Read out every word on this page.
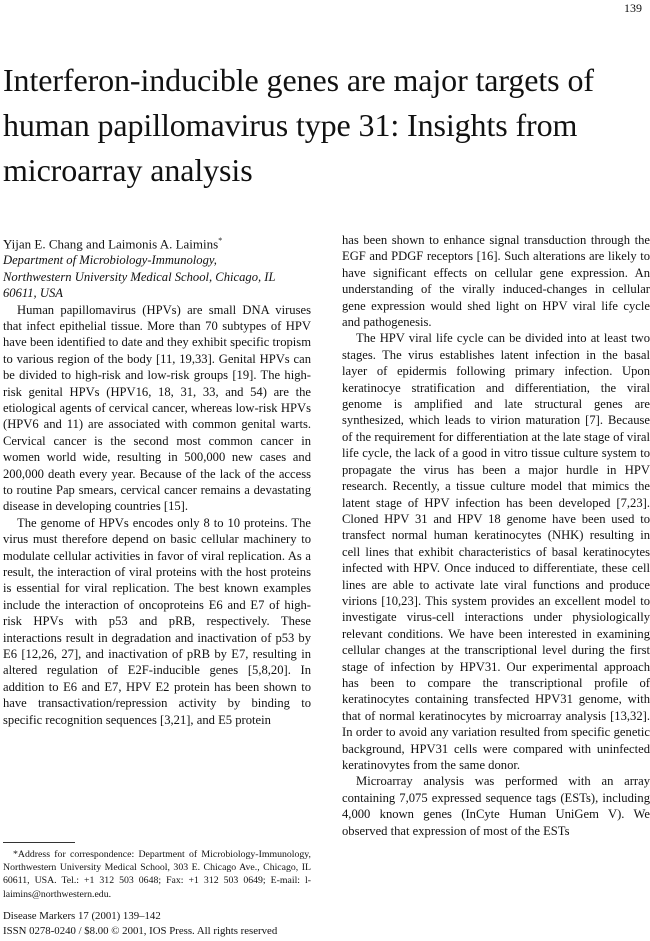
139
Interferon-inducible genes are major targets of human papillomavirus type 31: Insights from microarray analysis

Yijan E. Chang and Laimonis A. Laimins*

Department of Microbiology-Immunology,

Northwestern University Medical School, Chicago, IL

60611, USA

Human papillomavirus (HPVs) are small DNA viruses that infect epithelial tissue. More than 70 subtypes of HPV have been identified to date and they exhibit specific tropism to various region of the body [11, 19,33]. Genital HPVs can be divided to high-risk and low-risk groups [19]. The high-risk genital HPVs (HPV16, 18, 31, 33, and 54) are the etiological agents of cervical cancer, whereas low-risk HPVs (HPV6 and 11) are associated with common genital warts. Cervical cancer is the second most common cancer in women world wide, resulting in 500,000 new cases and 200,000 death every year. Because of the lack of the access to routine Pap smears, cervical cancer remains a devastating disease in developing countries [15].

The genome of HPVs encodes only 8 to 10 proteins. The virus must therefore depend on basic cellular machinery to modulate cellular activities in favor of viral replication. As a result, the interaction of viral proteins with the host proteins is essential for viral replication. The best known examples include the interaction of oncoproteins E6 and E7 of high-risk HPVs with p53 and pRB, respectively. These interactions result in degradation and inactivation of p53 by E6 [12,26, 27], and inactivation of pRB by E7, resulting in altered regulation of E2F-inducible genes [5,8,20]. In addition to E6 and E7, HPV E2 protein has been shown to have transactivation/repression activity by binding to specific recognition sequences [3,21], and E5 protein

has been shown to enhance signal transduction through the EGF and PDGF receptors [16]. Such alterations are likely to have significant effects on cellular gene expression. An understanding of the virally induced-changes in cellular gene expression would shed light on HPV viral life cycle and pathogenesis.

The HPV viral life cycle can be divided into at least two stages. The virus establishes latent infection in the basal layer of epidermis following primary infection. Upon keratinocye stratification and differentiation, the viral genome is amplified and late structural genes are synthesized, which leads to virion maturation [7]. Because of the requirement for differentiation at the late stage of viral life cycle, the lack of a good in vitro tissue culture system to propagate the virus has been a major hurdle in HPV research. Recently, a tissue culture model that mimics the latent stage of HPV infection has been developed [7,23]. Cloned HPV 31 and HPV 18 genome have been used to transfect normal human keratinocytes (NHK) resulting in cell lines that exhibit characteristics of basal keratinocytes infected with HPV. Once induced to differentiate, these cell lines are able to activate late viral functions and produce virions [10,23]. This system provides an excellent model to investigate virus-cell interactions under physiologically relevant conditions. We have been interested in examining cellular changes at the transcriptional level during the first stage of infection by HPV31. Our experimental approach has been to compare the transcriptional profile of keratinocytes containing transfected HPV31 genome, with that of normal keratinocytes by microarray analysis [13,32]. In order to avoid any variation resulted from specific genetic background, HPV31 cells were compared with uninfected keratinovytes from the same donor.

Microarray analysis was performed with an array containing 7,075 expressed sequence tags (ESTs), including 4,000 known genes (InCyte Human UniGem V). We observed that expression of most of the ESTs

*Address for correspondence: Department of Microbiology-Immunology, Northwestern University Medical School, 303 E. Chicago Ave., Chicago, IL 60611, USA. Tel.: +1 312 503 0648; Fax: +1 312 503 0649; E-mail: l-laimins@northwestern.edu.

Disease Markers 17 (2001) 139–142
ISSN 0278-0240 / $8.00 © 2001, IOS Press. All rights reserved
